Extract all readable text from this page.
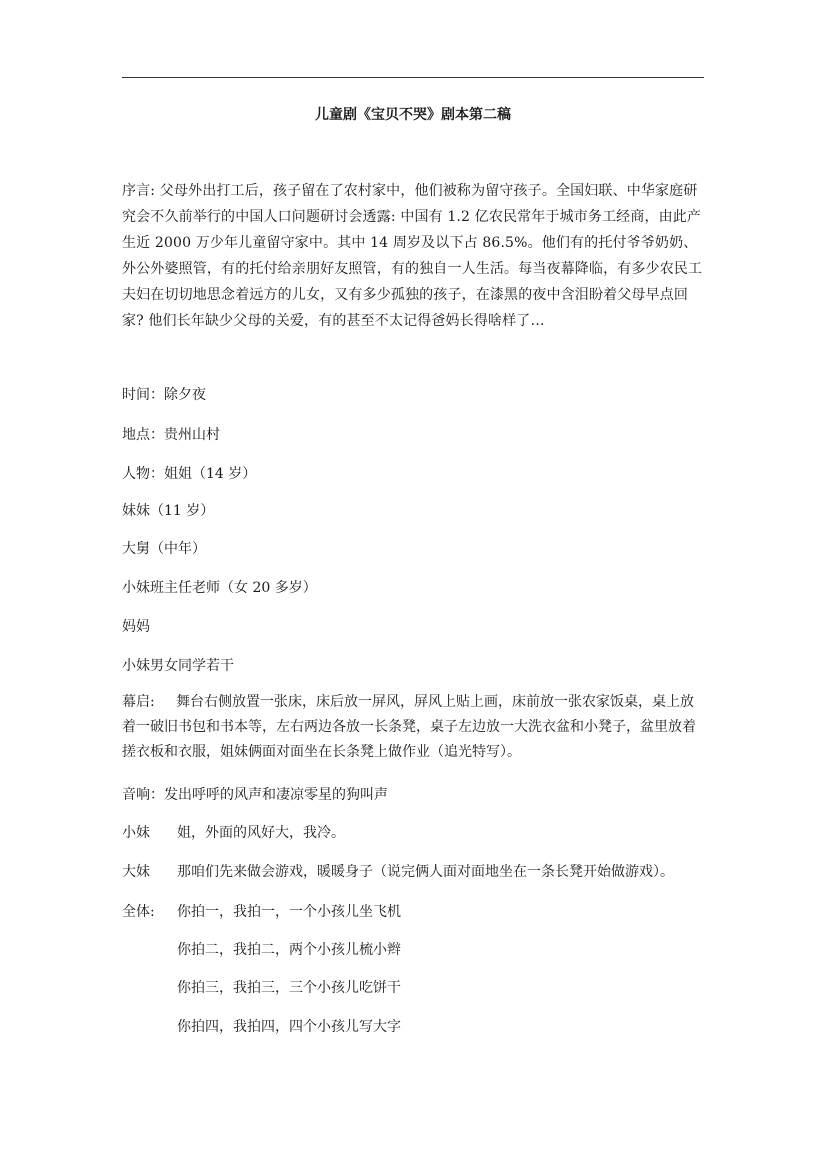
儿童剧《宝贝不哭》剧本第二稿

序言: 父母外出打工后，孩子留在了农村家中，他们被称为留守孩子。全国妇联、中华家庭研究会不久前举行的中国人口问题研讨会透露: 中国有 1.2 亿农民常年于城市务工经商，由此产生近 2000 万少年儿童留守家中。其中 14 周岁及以下占 86.5%。他们有的托付爷爷奶奶、外公外婆照管，有的托付给亲朋好友照管，有的独自一人生活。每当夜幕降临，有多少农民工夫妇在切切地思念着远方的儿女，又有多少孤独的孩子，在漆黑的夜中含泪盼着父母早点回家? 他们长年缺少父母的关爱，有的甚至不太记得爸妈长得啥样了…

时间：除夕夜
地点：贵州山村
人物：姐姐（14 岁）
妹妹（11 岁）
大舅（中年）
小妹班主任老师（女 20 多岁）
妈妈
小妹男女同学若干
幕启: 舞台右侧放置一张床，床后放一屏风，屏风上贴上画，床前放一张农家饭桌，桌上放着一破旧书包和书本等，左右两边各放一长条凳，桌子左边放一大洗衣盆和小凳子，盆里放着搓衣板和衣服，姐妹俩面对面坐在长条凳上做作业（追光特写）。
音响：发出呼呼的风声和凄凉零星的狗叫声
小妹 姐，外面的风好大，我冷。
大妹 那咱们先来做会游戏，暖暖身子（说完俩人面对面地坐在一条长凳开始做游戏）。
全体: 你拍一，我拍一，一个小孩儿坐飞机
你拍二，我拍二，两个小孩儿梳小辫
你拍三，我拍三，三个小孩儿吃饼干
你拍四，我拍四，四个小孩儿写大字
